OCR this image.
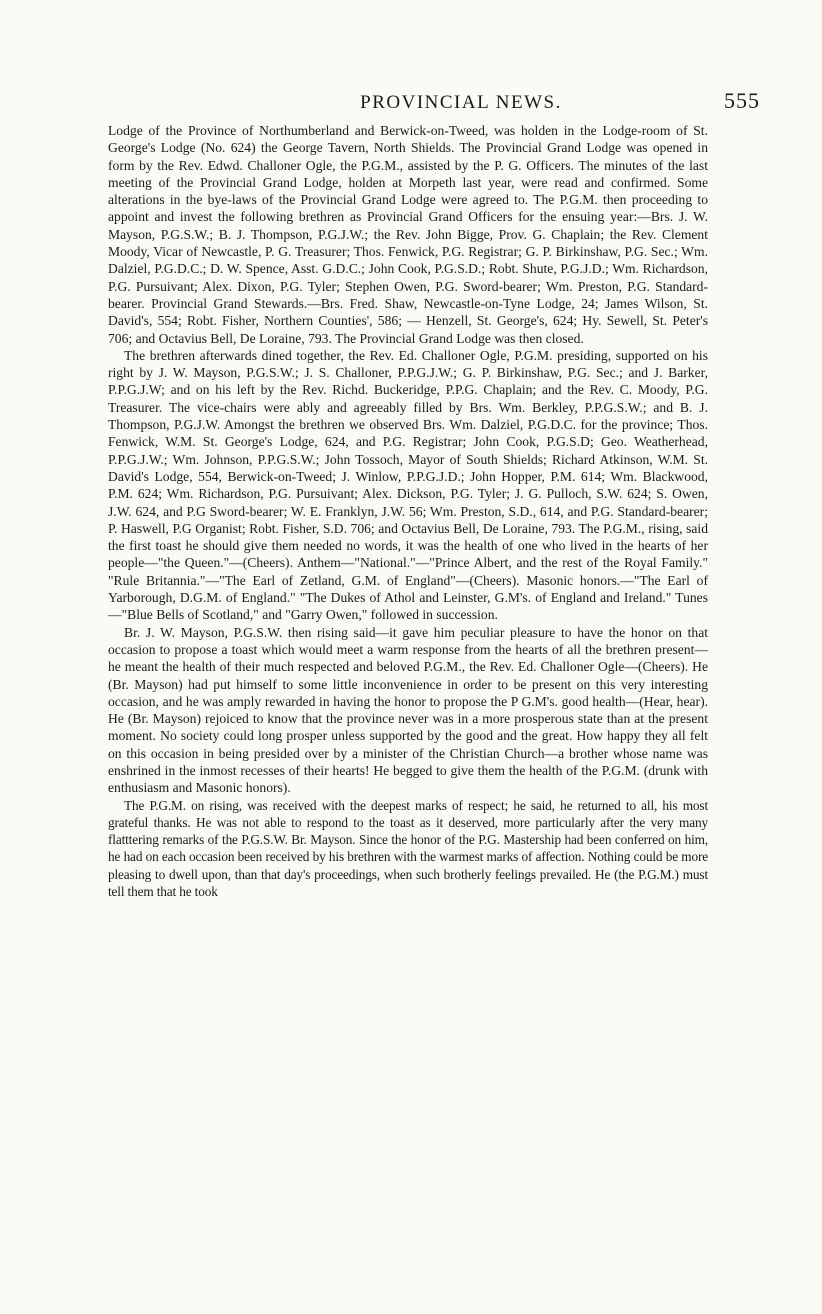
PROVINCIAL NEWS.	555

Lodge of the Province of Northumberland and Berwick-on-Tweed, was holden in the Lodge-room of St. George's Lodge (No. 624) the George Tavern, North Shields. The Provincial Grand Lodge was opened in form by the Rev. Edwd. Challoner Ogle, the P.G.M., assisted by the P. G. Officers. The minutes of the last meeting of the Provincial Grand Lodge, holden at Morpeth last year, were read and confirmed. Some alterations in the bye-laws of the Provincial Grand Lodge were agreed to. The P.G.M. then proceeding to appoint and invest the following brethren as Provincial Grand Officers for the ensuing year:—Brs. J. W. Mayson, P.G.S.W.; B. J. Thompson, P.G.J.W.; the Rev. John Bigge, Prov. G. Chaplain; the Rev. Clement Moody, Vicar of Newcastle, P. G. Treasurer; Thos. Fenwick, P.G. Registrar; G. P. Birkinshaw, P.G. Sec.; Wm. Dalziel, P.G.D.C.; D. W. Spence, Asst. G.D.C.; John Cook, P.G.S.D.; Robt. Shute, P.G.J.D.; Wm. Richardson, P.G. Pursuivant; Alex. Dixon, P.G. Tyler; Stephen Owen, P.G. Sword-bearer; Wm. Preston, P.G. Standard-bearer. Provincial Grand Stewards.—Brs. Fred. Shaw, Newcastle-on-Tyne Lodge, 24; James Wilson, St. David's, 554; Robt. Fisher, Northern Counties', 586; — Henzell, St. George's, 624; Hy. Sewell, St. Peter's 706; and Octavius Bell, De Loraine, 793. The Provincial Grand Lodge was then closed.

The brethren afterwards dined together, the Rev. Ed. Challoner Ogle, P.G.M. presiding, supported on his right by J. W. Mayson, P.G.S.W.; J. S. Challoner, P.P.G.J.W.; G. P. Birkinshaw, P.G. Sec.; and J. Barker, P.P.G.J.W; and on his left by the Rev. Richd. Buckeridge, P.P.G. Chaplain; and the Rev. C. Moody, P.G. Treasurer. The vice-chairs were ably and agreeably filled by Brs. Wm. Berkley, P.P.G.S.W.; and B. J. Thompson, P.G.J.W. Amongst the brethren we observed Brs. Wm. Dalziel, P.G.D.C. for the province; Thos. Fenwick, W.M. St. George's Lodge, 624, and P.G. Registrar; John Cook, P.G.S.D; Geo. Weatherhead, P.P.G.J.W.; Wm. Johnson, P.P.G.S.W.; John Tossoch, Mayor of South Shields; Richard Atkinson, W.M. St. David's Lodge, 554, Berwick-on-Tweed; J. Winlow, P.P.G.J.D.; John Hopper, P.M. 614; Wm. Blackwood, P.M. 624; Wm. Richardson, P.G. Pursuivant; Alex. Dickson, P.G. Tyler; J. G. Pulloch, S.W. 624; S. Owen, J.W. 624, and P.G Sword-bearer; W. E. Franklyn, J.W. 56; Wm. Preston, S.D., 614, and P.G. Standard-bearer; P. Haswell, P.G Organist; Robt. Fisher, S.D. 706; and Octavius Bell, De Loraine, 793. The P.G.M., rising, said the first toast he should give them needed no words, it was the health of one who lived in the hearts of her people—"the Queen."—(Cheers). Anthem—"National."—"Prince Albert, and the rest of the Royal Family." "Rule Britannia."—"The Earl of Zetland, G.M. of England"—(Cheers). Masonic honors.—"The Earl of Yarborough, D.G.M. of England." "The Dukes of Athol and Leinster, G.M's. of England and Ireland." Tunes—"Blue Bells of Scotland," and "Garry Owen," followed in succession.

Br. J. W. Mayson, P.G.S.W. then rising said—it gave him peculiar pleasure to have the honor on that occasion to propose a toast which would meet a warm response from the hearts of all the brethren present—he meant the health of their much respected and beloved P.G.M., the Rev. Ed. Challoner Ogle—(Cheers). He (Br. Mayson) had put himself to some little inconvenience in order to be present on this very interesting occasion, and he was amply rewarded in having the honor to propose the P G.M's. good health—(Hear, hear). He (Br. Mayson) rejoiced to know that the province never was in a more prosperous state than at the present moment. No society could long prosper unless supported by the good and the great. How happy they all felt on this occasion in being presided over by a minister of the Christian Church—a brother whose name was enshrined in the inmost recesses of their hearts! He begged to give them the health of the P.G.M. (drunk with enthusiasm and Masonic honors).

The P.G.M. on rising, was received with the deepest marks of respect; he said, he returned to all, his most grateful thanks. He was not able to respond to the toast as it deserved, more particularly after the very many flatttering remarks of the P.G.S.W. Br. Mayson. Since the honor of the P.G. Mastership had been conferred on him, he had on each occasion been received by his brethren with the warmest marks of affection. Nothing could be more pleasing to dwell upon, than that day's proceedings, when such brotherly feelings prevailed. He (the P.G.M.) must tell them that he took
